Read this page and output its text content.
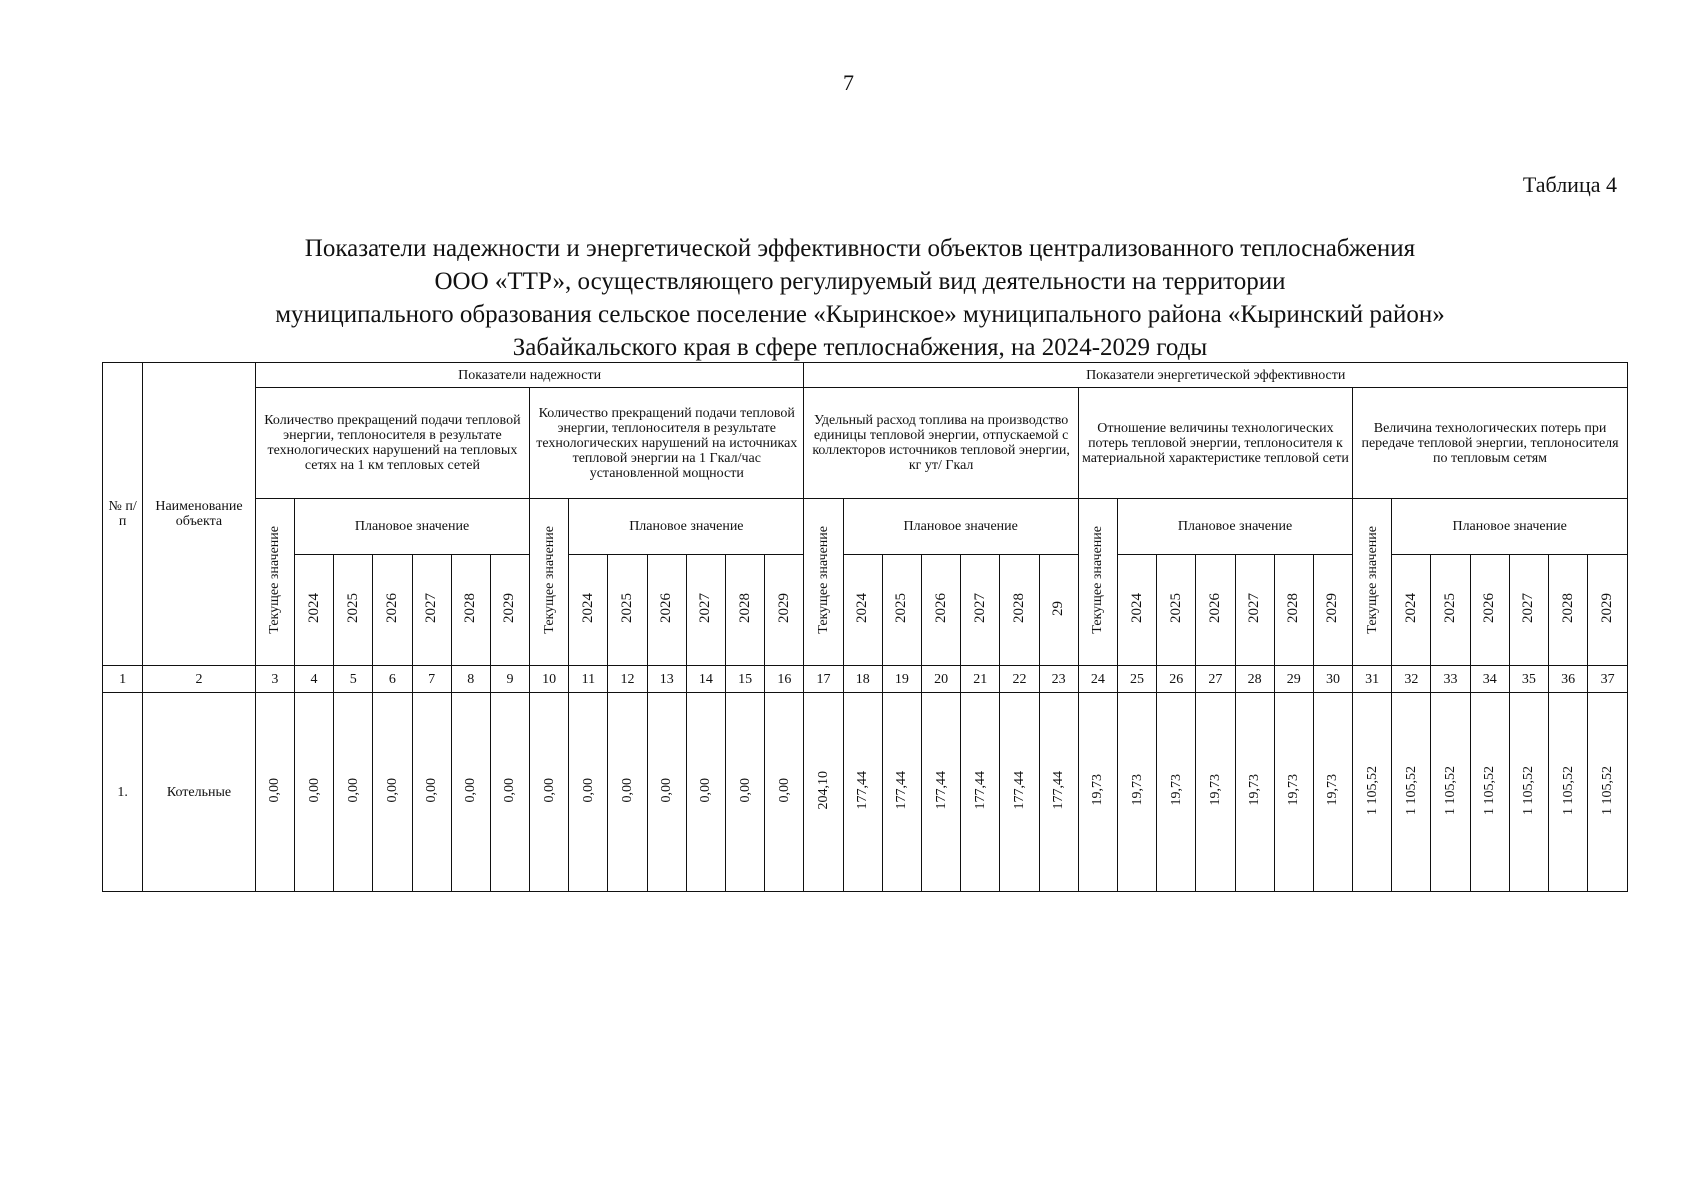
7
Таблица 4
Показатели надежности и энергетической эффективности объектов централизованного теплоснабжения
ООО «ТТР», осуществляющего регулируемый вид деятельности на территории
муниципального образования сельское поселение «Кыринское» муниципального района «Кыринский район»
Забайкальского края в сфере теплоснабжения, на 2024-2029 годы
№ п/ п	Наименование объекта	Показатели надежности														Показатели энергетической эффективности																				
		Количество прекращений подачи тепловой энергии, теплоносителя в результате технологических нарушений на тепловых сетях на 1 км тепловых сетей							Количество прекращений подачи тепловой энергии, теплоносителя в результате технологических нарушений на источниках тепловой энергии на 1 Гкал/час установленной мощности							Удельный расход топлива на производство единицы тепловой энергии, отпускаемой с коллекторов источников тепловой энергии, кг ут/ Гкал							Отношение величины технологических потерь тепловой энергии, теплоносителя к материальной характеристике тепловой сети							Величина технологических потерь при передаче тепловой энергии, теплоносителя по тепловым сетям						
		Текущее значение	Плановое значение						Текущее значение	Плановое значение						Текущее значение	Плановое значение						Текущее значение	Плановое значение						Текущее значение	Плановое значение					
			2024	2025	2026	2027	2028	2029		2024	2025	2026	2027	2028	2029		2024	2025	2026	2027	2028	29		2024	2025	2026	2027	2028	2029		2024	2025	2026	2027	2028	2029
1	2	3	4	5	6	7	8	9	10	11	12	13	14	15	16	17	18	19	20	21	22	23	24	25	26	27	28	29	30	31	32	33	34	35	36	37
1.	Котельные	0,00	0,00	0,00	0,00	0,00	0,00	0,00	0,00	0,00	0,00	0,00	0,00	0,00	0,00	204,10	177,44	177,44	177,44	177,44	177,44	177,44	19,73	19,73	19,73	19,73	19,73	19,73	19,73	1 105,52	1 105,52	1 105,52	1 105,52	1 105,52	1 105,52	1 105,52
